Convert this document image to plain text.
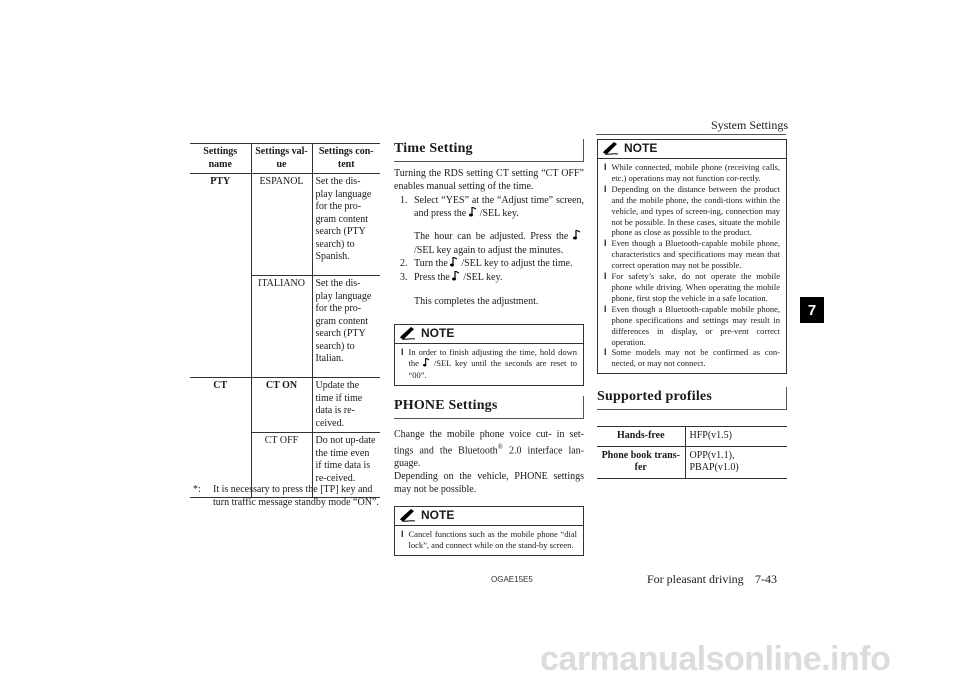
System Settings
7
Settings name	Settings val-ue	Settings con-tent
PTY	ESPANOL	Set the dis-play language for the pro-gram content search (PTY search) to Spanish.
	ITALIANO	Set the dis-play language for the pro-gram content search (PTY search) to Italian.
CT	CT ON	Update the time if time data is re-ceived.
	CT OFF	Do not up-date the time even if time data is re-ceived.
*: It is necessary to press the [TP] key and turn traffic message standby mode “ON”.
Time Setting
Turning the RDS setting CT setting “CT OFF” enables manual setting of the time.
1. Select “YES” at the “Adjust time” screen, and press the /SEL key.
The hour can be adjusted. Press the /SEL key again to adjust the minutes.
2. Turn the /SEL key to adjust the time.
3. Press the /SEL key.
This completes the adjustment.
NOTE
l In order to finish adjusting the time, hold down the /SEL key until the seconds are reset to “00”.
PHONE Settings
Change the mobile phone voice cut- in set-tings and the Bluetooth® 2.0 interface lan-guage.
Depending on the vehicle, PHONE settings may not be possible.
NOTE
l Cancel functions such as the mobile phone “dial lock”, and connect while on the stand-by screen.
NOTE
l While connected, mobile phone (receiving calls, etc.) operations may not function cor-rectly.
l Depending on the distance between the product and the mobile phone, the condi-tions within the vehicle, and types of screen-ing, connection may not be possible. In these cases, situate the mobile phone as close as possible to the product.
l Even though a Bluetooth-capable mobile phone, characteristics and specifications may mean that correct operation may not be possible.
l For safety’s sake, do not operate the mobile phone while driving. When operating the mobile phone, first stop the vehicle in a safe location.
l Even though a Bluetooth-capable mobile phone, phone specifications and settings may result in differences in display, or pre-vent correct operation.
l Some models may not be confirmed as con-nected, or may not connect.
Supported profiles
Hands-free	HFP(v1.5)
Phone book trans-fer	OPP(v1.1), PBAP(v1.0)
OGAE15E5	For pleasant driving 7-43
carmanualsonline.info
